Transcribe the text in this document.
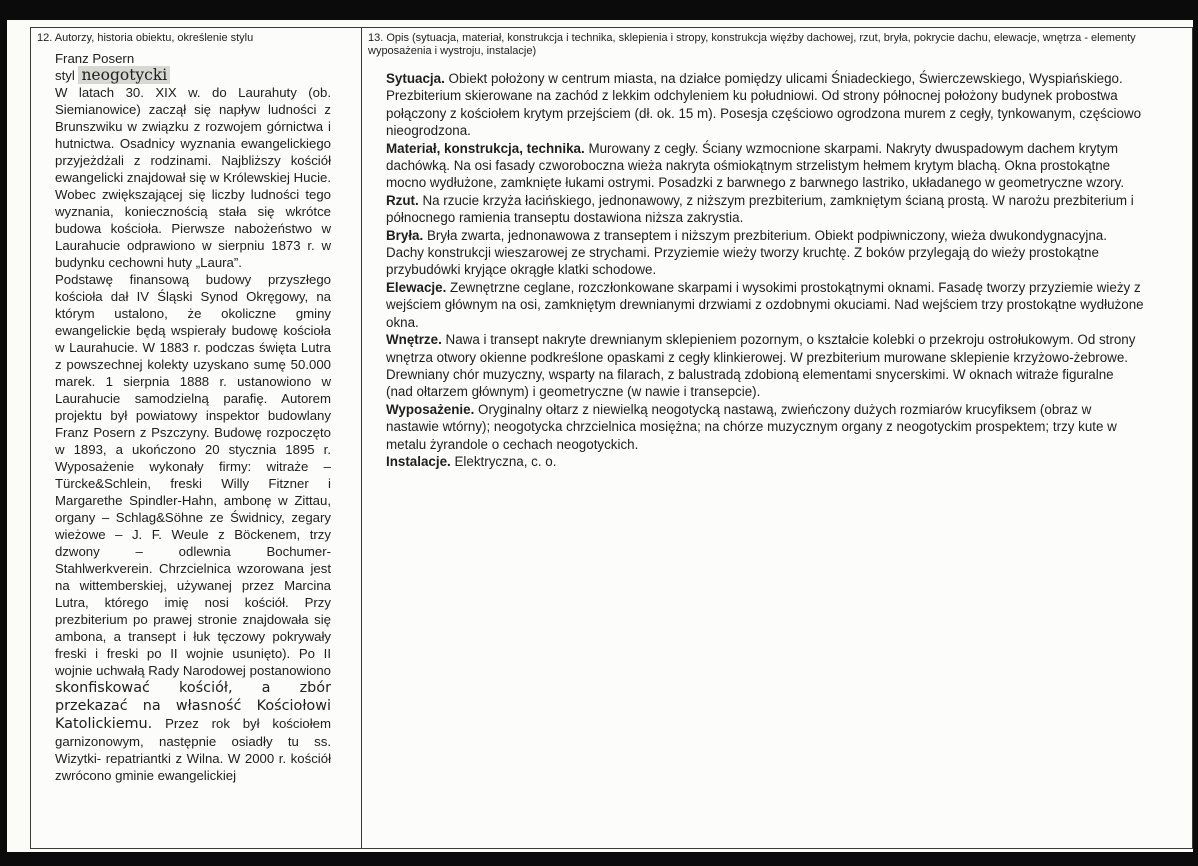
12. Autorzy, historia obiektu, określenie stylu

Franz Posern

styl neogotycki

W latach 30. XIX w. do Laurahuty (ob. Siemianowice) zaczął się napływ ludności z Brunszwiku w związku z rozwojem górnictwa i hutnictwa. Osadnicy wyznania ewangelickiego przyjeżdżali z rodzinami. Najbliższy kościół ewangelicki znajdował się w Królewskiej Hucie. Wobec zwiększającej się liczby ludności tego wyznania, koniecznością stała się wkrótce budowa kościoła. Pierwsze nabożeństwo w Laurahucie odprawiono w sierpniu 1873 r. w budynku cechowni huty „Laura”.

Podstawę finansową budowy przyszłego kościoła dał IV Śląski Synod Okręgowy, na którym ustalono, że okoliczne gminy ewangelickie będą wspierały budowę kościoła w Laurahucie. W 1883 r. podczas święta Lutra z powszechnej kolekty uzyskano sumę 50.000 marek. 1 sierpnia 1888 r. ustanowiono w Laurahucie samodzielną parafię. Autorem projektu był powiatowy inspektor budowlany Franz Posern z Pszczyny. Budowę rozpoczęto w 1893, a ukończono 20 stycznia 1895 r. Wyposażenie wykonały firmy: witraże – Türcke&Schlein, freski Willy Fitzner i Margarethe Spindler-Hahn, ambonę w Zittau, organy – Schlag&Söhne ze Świdnicy, zegary wieżowe – J. F. Weule z Böckenem, trzy dzwony – odlewnia Bochumer-Stahlwerkverein. Chrzcielnica wzorowana jest na wittemberskiej, używanej przez Marcina Lutra, którego imię nosi kościół. Przy prezbiterium po prawej stronie znajdowała się ambona, a transept i łuk tęczowy pokrywały freski i freski po II wojnie usunięto). Po II wojnie uchwałą Rady Narodowej postanowiono skonfiskować kościół, a zbór przekazać na własność Kościołowi Katolickiemu. Przez rok był kościołem garnizonowym, następnie osiadły tu ss. Wizytki- repatriantki z Wilna. W 2000 r. kościół zwrócono gminie ewangelickiej

13. Opis (sytuacja, materiał, konstrukcja i technika, sklepienia i stropy, konstrukcja więźby dachowej, rzut, bryła, pokrycie dachu, elewacje, wnętrza - elementy wyposażenia i wystroju, instalacje)

Sytuacja. Obiekt położony w centrum miasta, na działce pomiędzy ulicami Śniadeckiego, Świerczewskiego, Wyspiańskiego. Prezbiterium skierowane na zachód z lekkim odchyleniem ku południowi. Od strony północnej położony budynek probostwa połączony z kościołem krytym przejściem (dł. ok. 15 m). Posesja częściowo ogrodzona murem z cegły, tynkowanym, częściowo nieogrodzona.

Materiał, konstrukcja, technika. Murowany z cegły. Ściany wzmocnione skarpami. Nakryty dwuspadowym dachem krytym dachówką. Na osi fasady czworoboczna wieża nakryta ośmiokątnym strzelistym hełmem krytym blachą. Okna prostokątne mocno wydłużone, zamknięte łukami ostrymi. Posadzki z barwnego z barwnego lastriko, układanego w geometryczne wzory.

Rzut. Na rzucie krzyża łacińskiego, jednonawowy, z niższym prezbiterium, zamkniętym ścianą prostą. W narożu prezbiterium i północnego ramienia transeptu dostawiona niższa zakrystia.

Bryła. Bryła zwarta, jednonawowa z transeptem i niższym prezbiterium. Obiekt podpiwniczony, wieża dwukondygnacyjna. Dachy konstrukcji wieszarowej ze strychami. Przyziemie wieży tworzy kruchtę. Z boków przylegają do wieży prostokątne przybudówki kryjące okrągłe klatki schodowe.

Elewacje. Zewnętrzne ceglane, rozczłonkowane skarpami i wysokimi prostokątnymi oknami. Fasadę tworzy przyziemie wieży z wejściem głównym na osi, zamkniętym drewnianymi drzwiami z ozdobnymi okuciami. Nad wejściem trzy prostokątne wydłużone okna.

Wnętrze. Nawa i transept nakryte drewnianym sklepieniem pozornym, o kształcie kolebki o przekroju ostrołukowym. Od strony wnętrza otwory okienne podkreślone opaskami z cegły klinkierowej. W prezbiterium murowane sklepienie krzyżowo-żebrowe. Drewniany chór muzyczny, wsparty na filarach, z balustradą zdobioną elementami snycerskimi. W oknach witraże figuralne (nad ołtarzem głównym) i geometryczne (w nawie i transepcie).

Wyposażenie. Oryginalny ołtarz z niewielką neogotycką nastawą, zwieńczony dużych rozmiarów krucyfiksem (obraz w nastawie wtórny); neogotycka chrzcielnica mosiężna; na chórze muzycznym organy z neogotyckim prospektem; trzy kute w metalu żyrandole o cechach neogotyckich.

Instalacje. Elektryczna, c. o.
